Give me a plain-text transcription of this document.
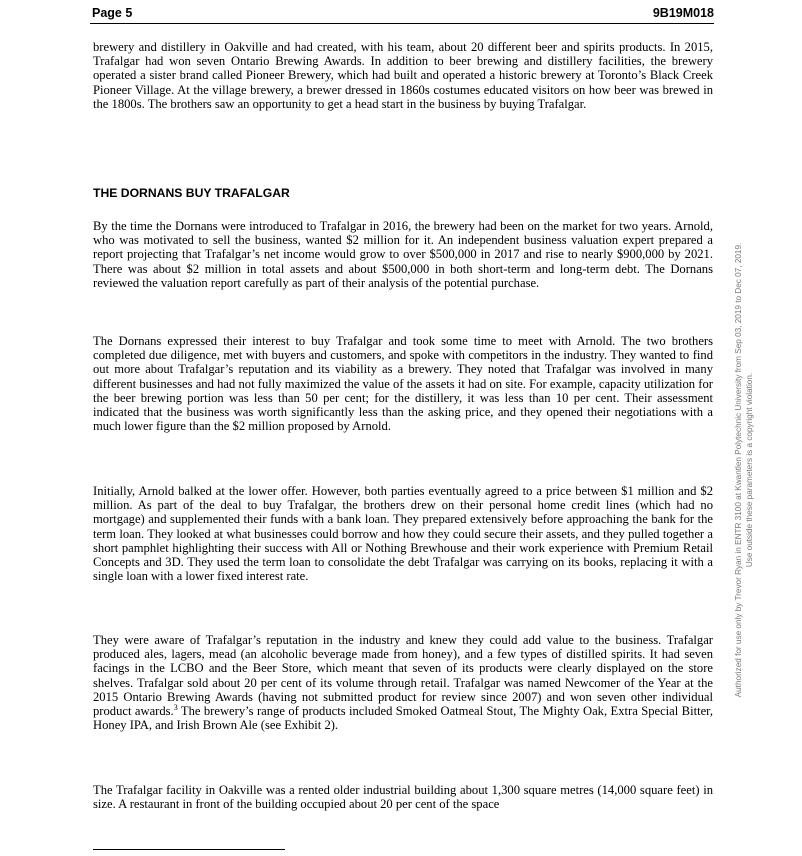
Page 5	9B19M018

brewery and distillery in Oakville and had created, with his team, about 20 different beer and spirits products. In 2015, Trafalgar had won seven Ontario Brewing Awards. In addition to beer brewing and distillery facilities, the brewery operated a sister brand called Pioneer Brewery, which had built and operated a historic brewery at Toronto’s Black Creek Pioneer Village. At the village brewery, a brewer dressed in 1860s costumes educated visitors on how beer was brewed in the 1800s. The brothers saw an opportunity to get a head start in the business by buying Trafalgar.

THE DORNANS BUY TRAFALGAR

By the time the Dornans were introduced to Trafalgar in 2016, the brewery had been on the market for two years. Arnold, who was motivated to sell the business, wanted $2 million for it. An independent business valuation expert prepared a report projecting that Trafalgar’s net income would grow to over $500,000 in 2017 and rise to nearly $900,000 by 2021. There was about $2 million in total assets and about $500,000 in both short-term and long-term debt. The Dornans reviewed the valuation report carefully as part of their analysis of the potential purchase.

The Dornans expressed their interest to buy Trafalgar and took some time to meet with Arnold. The two brothers completed due diligence, met with buyers and customers, and spoke with competitors in the industry. They wanted to find out more about Trafalgar’s reputation and its viability as a brewery. They noted that Trafalgar was involved in many different businesses and had not fully maximized the value of the assets it had on site. For example, capacity utilization for the beer brewing portion was less than 50 per cent; for the distillery, it was less than 10 per cent. Their assessment indicated that the business was worth significantly less than the asking price, and they opened their negotiations with a much lower figure than the $2 million proposed by Arnold.

Initially, Arnold balked at the lower offer. However, both parties eventually agreed to a price between $1 million and $2 million. As part of the deal to buy Trafalgar, the brothers drew on their personal home credit lines (which had no mortgage) and supplemented their funds with a bank loan. They prepared extensively before approaching the bank for the term loan. They looked at what businesses could borrow and how they could secure their assets, and they pulled together a short pamphlet highlighting their success with All or Nothing Brewhouse and their work experience with Premium Retail Concepts and 3D. They used the term loan to consolidate the debt Trafalgar was carrying on its books, replacing it with a single loan with a lower fixed interest rate.

They were aware of Trafalgar’s reputation in the industry and knew they could add value to the business. Trafalgar produced ales, lagers, mead (an alcoholic beverage made from honey), and a few types of distilled spirits. It had seven facings in the LCBO and the Beer Store, which meant that seven of its products were clearly displayed on the store shelves. Trafalgar sold about 20 per cent of its volume through retail. Trafalgar was named Newcomer of the Year at the 2015 Ontario Brewing Awards (having not submitted product for review since 2007) and won seven other individual product awards.$^3$ The brewery’s range of products included Smoked Oatmeal Stout, The Mighty Oak, Extra Special Bitter, Honey IPA, and Irish Brown Ale (see Exhibit 2).

The Trafalgar facility in Oakville was a rented older industrial building about 1,300 square metres (14,000 square feet) in size. A restaurant in front of the building occupied about 20 per cent of the space

Authorized for use only by Trevor Ryan in ENTR 3100 at Kwantlen Polytechnic University from Sep 03, 2019 to Dec 07, 2019. Use outside these parameters is a copyright violation.
